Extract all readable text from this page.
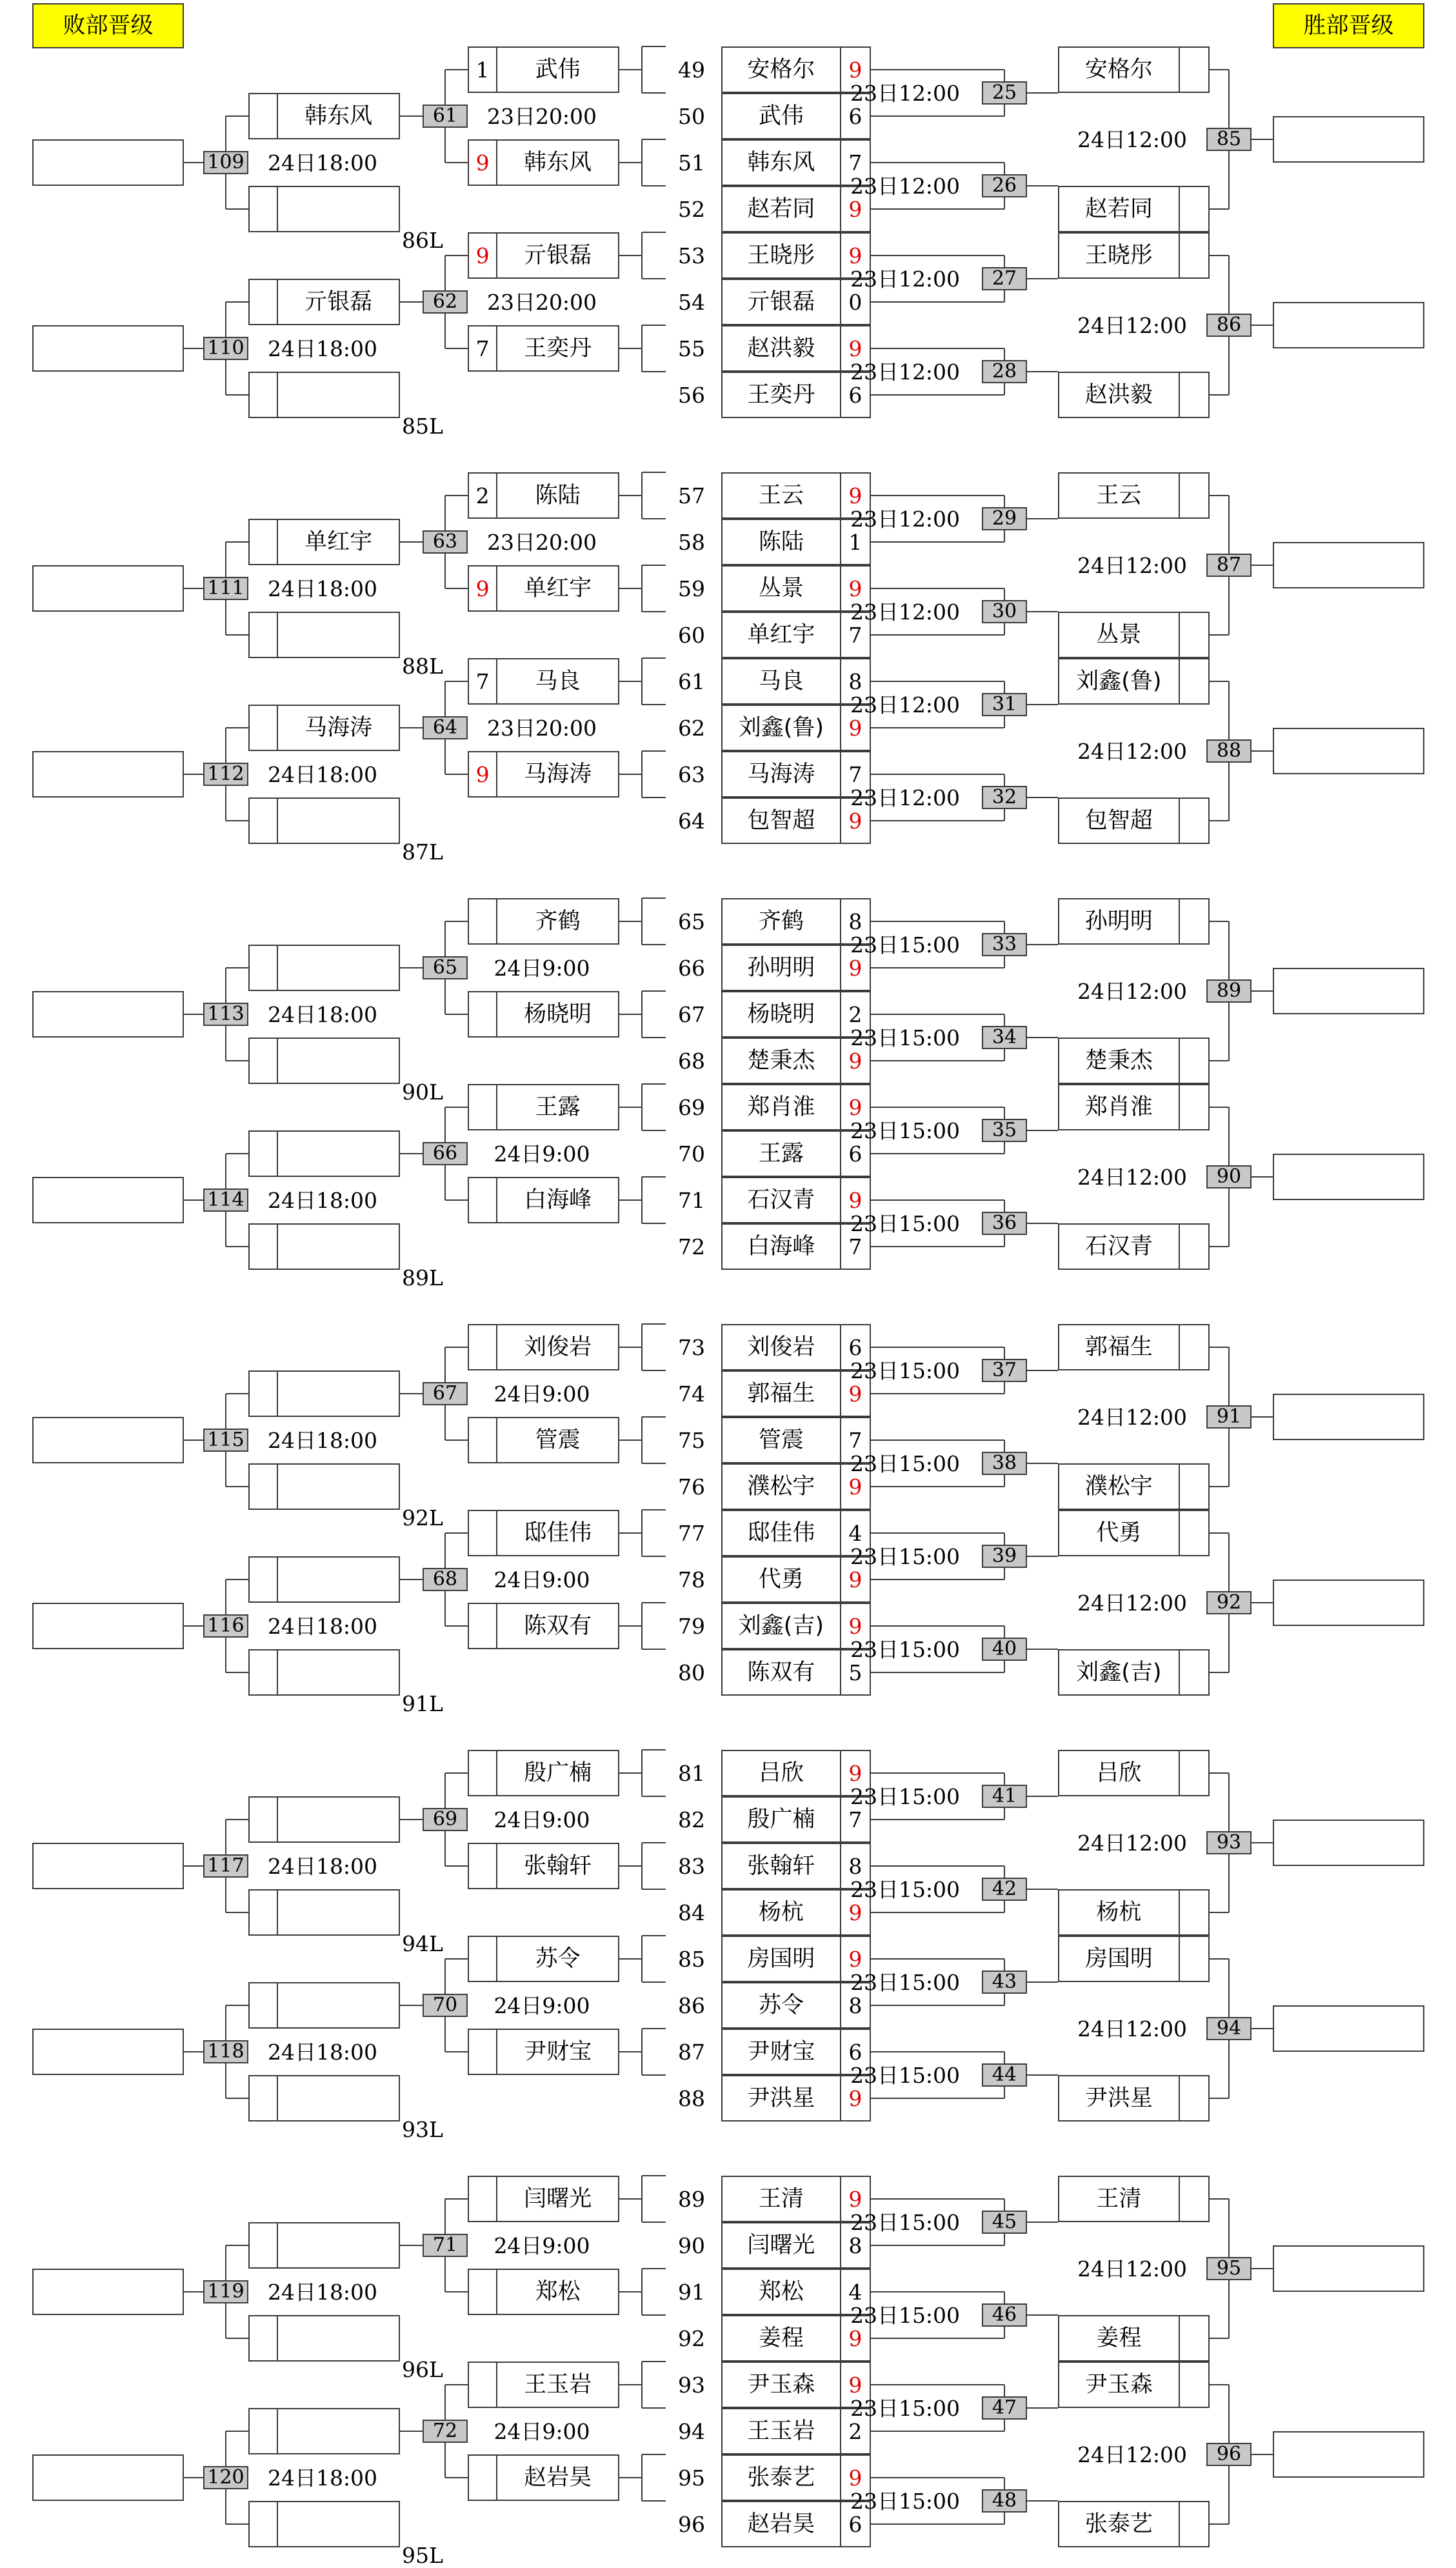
败部晋级	胜部晋级
安格尔 9
49
武伟 6
50
韩东风 7
51
赵若同 9
52
王晓彤 9
53
亓银磊 0
54
赵洪毅 9
55
王奕丹 6
56
25
23日12:00
安格尔
26
23日12:00
赵若同
27
23日12:00
王晓彤
28
23日12:00
赵洪毅
85
24日12:00
86
24日12:00
1 武伟
9 韩东风
61 23日20:00
9 亓银磊
7 王奕丹
62 23日20:00
韩东风
109 24日18:00
86L
亓银磊
110 24日18:00
85L
王云 9
57
陈陆 1
58
丛景 9
59
单红宇 7
60
马良 8
61
刘鑫(鲁) 9
62
马海涛 7
63
包智超 9
64
29
23日12:00
王云
30
23日12:00
丛景
31
23日12:00
刘鑫(鲁)
32
23日12:00
包智超
87
24日12:00
88
24日12:00
2 陈陆
9 单红宇
63 23日20:00
7 马良
9 马海涛
64 23日20:00
单红宇
111 24日18:00
88L
马海涛
112 24日18:00
87L
齐鹤 8
65
孙明明 9
66
杨晓明 2
67
楚秉杰 9
68
郑肖淮 9
69
王露 6
70
石汉青 9
71
白海峰 7
72
33
23日15:00
孙明明
34
23日15:00
楚秉杰
35
23日15:00
郑肖淮
36
23日15:00
石汉青
89
24日12:00
90
24日12:00
齐鹤
杨晓明
65 24日9:00
王露
白海峰
66 24日9:00
113 24日18:00
90L
114 24日18:00
89L
刘俊岩 6
73
郭福生 9
74
管震 7
75
濮松宇 9
76
邸佳伟 4
77
代勇 9
78
刘鑫(吉) 9
79
陈双有 5
80
37
23日15:00
郭福生
38
23日15:00
濮松宇
39
23日15:00
代勇
40
23日15:00
刘鑫(吉)
91
24日12:00
92
24日12:00
刘俊岩
管震
67 24日9:00
邸佳伟
陈双有
68 24日9:00
115 24日18:00
92L
116 24日18:00
91L
吕欣 9
81
殷广楠 7
82
张翰轩 8
83
杨杭 9
84
房国明 9
85
苏令 8
86
尹财宝 6
87
尹洪星 9
88
41
23日15:00
吕欣
42
23日15:00
杨杭
43
23日15:00
房国明
44
23日15:00
尹洪星
93
24日12:00
94
24日12:00
殷广楠
张翰轩
69 24日9:00
苏令
尹财宝
70 24日9:00
117 24日18:00
94L
118 24日18:00
93L
王清 9
89
闫曙光 8
90
郑松 4
91
姜程 9
92
尹玉森 9
93
王玉岩 2
94
张泰艺 9
95
赵岩昊 6
96
45
23日15:00
王清
46
23日15:00
姜程
47
23日15:00
尹玉森
48
23日15:00
张泰艺
95
24日12:00
96
24日12:00
闫曙光
郑松
71 24日9:00
王玉岩
赵岩昊
72 24日9:00
119 24日18:00
96L
120 24日18:00
95L
